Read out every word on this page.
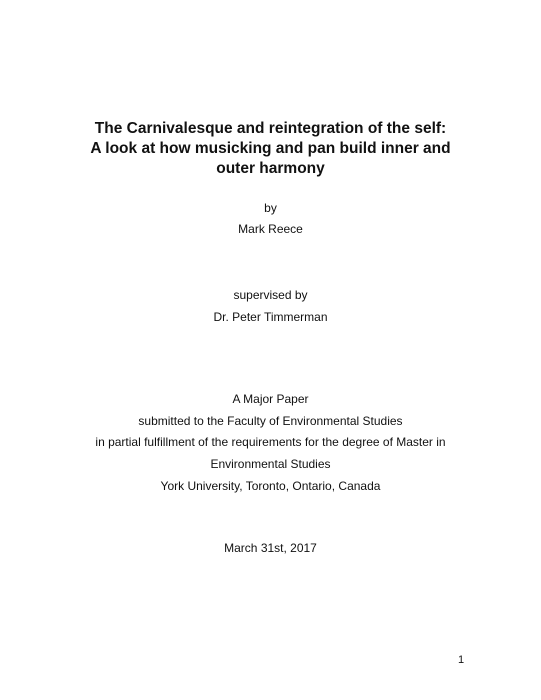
The Carnivalesque and reintegration of the self:
A look at how musicking and pan build inner and
outer harmony
by
Mark Reece
supervised by
Dr. Peter Timmerman
A Major Paper
submitted to the Faculty of Environmental Studies
in partial fulfillment of the requirements for the degree of Master in
Environmental Studies
York University, Toronto, Ontario, Canada
March 31st, 2017
1
